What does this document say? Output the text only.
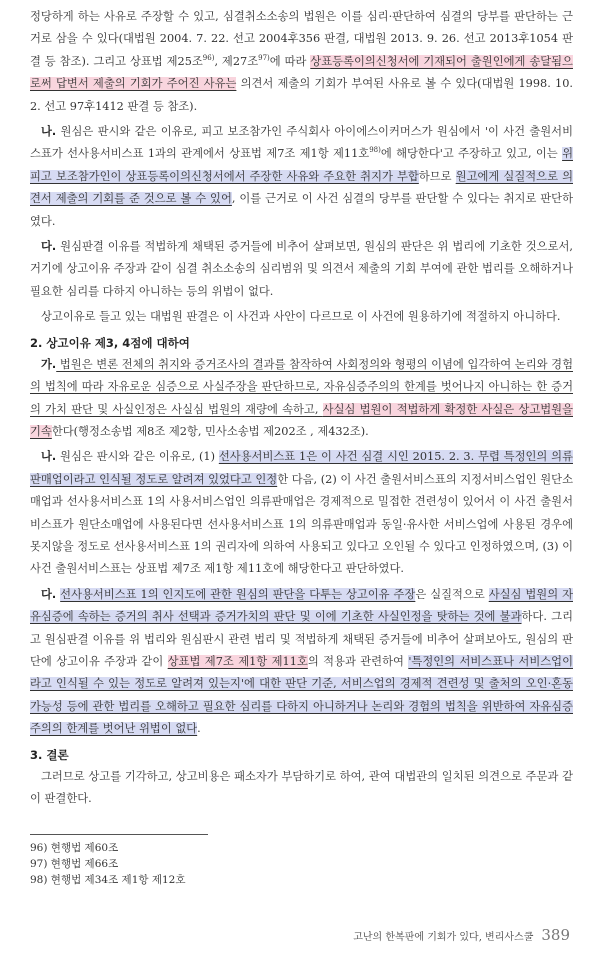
정당하게 하는 사유로 주장할 수 있고, 심결취소소송의 법원은 이를 심리·판단하여 심결의 당부를 판단하는 근거로 삼을 수 있다(대법원 2004. 7. 22. 선고 2004후356 판결, 대법원 2013. 9. 26. 선고 2013후1054 판결 등 참조). 그리고 상표법 제25조$^{96)}$, 제27조$^{97)}$에 따라 상표등록이의신청서에 기재되어 출원인에게 송달됨으로써 답변서 제출의 기회가 주어진 사유는 의견서 제출의 기회가 부여된 사유로 볼 수 있다(대법원 1998. 10. 2. 선고 97후1412 판결 등 참조).

나. 원심은 판시와 같은 이유로, 피고 보조참가인 주식회사 아이에스이커머스가 원심에서 '이 사건 출원서비스표가 선사용서비스표 1과의 관계에서 상표법 제7조 제1항 제11호$^{98)}$에 해당한다'고 주장하고 있고, 이는 위 피고 보조참가인이 상표등록이의신청서에서 주장한 사유와 주요한 취지가 부합하므로 원고에게 실질적으로 의견서 제출의 기회를 준 것으로 볼 수 있어, 이를 근거로 이 사건 심결의 당부를 판단할 수 있다는 취지로 판단하였다.

다. 원심판결 이유를 적법하게 채택된 증거들에 비추어 살펴보면, 원심의 판단은 위 법리에 기초한 것으로서, 거기에 상고이유 주장과 같이 심결 취소소송의 심리범위 및 의견서 제출의 기회 부여에 관한 법리를 오해하거나 필요한 심리를 다하지 아니하는 등의 위법이 없다.

상고이유로 들고 있는 대법원 판결은 이 사건과 사안이 다르므로 이 사건에 원용하기에 적절하지 아니하다.

2. 상고이유 제3, 4점에 대하여

가. 법원은 변론 전체의 취지와 증거조사의 결과를 참작하여 사회정의와 형평의 이념에 입각하여 논리와 경험의 법칙에 따라 자유로운 심증으로 사실주장을 판단하므로, 자유심증주의의 한계를 벗어나지 아니하는 한 증거의 가치 판단 및 사실인정은 사실심 법원의 재량에 속하고, 사실심 법원이 적법하게 확정한 사실은 상고법원을 기속한다(행정소송법 제8조 제2항, 민사소송법 제202조 , 제432조).

나. 원심은 판시와 같은 이유로, (1) 선사용서비스표 1은 이 사건 심결 시인 2015. 2. 3. 무렵 특정인의 의류판매업이라고 인식될 정도로 알려져 있었다고 인정한 다음, (2) 이 사건 출원서비스표의 지정서비스업인 원단소매업과 선사용서비스표 1의 사용서비스업인 의류판매업은 경제적으로 밀접한 견련성이 있어서 이 사건 출원서비스표가 원단소매업에 사용된다면 선사용서비스표 1의 의류판매업과 동일·유사한 서비스업에 사용된 경우에 못지않을 정도로 선사용서비스표 1의 권리자에 의하여 사용되고 있다고 오인될 수 있다고 인정하였으며, (3) 이 사건 출원서비스표는 상표법 제7조 제1항 제11호에 해당한다고 판단하였다.

다. 선사용서비스표 1의 인지도에 관한 원심의 판단을 다투는 상고이유 주장은 실질적으로 사실심 법원의 자유심증에 속하는 증거의 취사 선택과 증거가치의 판단 및 이에 기초한 사실인정을 탓하는 것에 불과하다. 그리고 원심판결 이유를 위 법리와 원심판시 관련 법리 및 적법하게 채택된 증거들에 비추어 살펴보아도, 원심의 판단에 상고이유 주장과 같이 상표법 제7조 제1항 제11호의 적용과 관련하여 '특정인의 서비스표나 서비스업이라고 인식될 수 있는 정도로 알려져 있는지'에 대한 판단 기준, 서비스업의 경제적 견련성 및 출처의 오인·혼동 가능성 등에 관한 법리를 오해하고 필요한 심리를 다하지 아니하거나 논리와 경험의 법칙을 위반하여 자유심증주의의 한계를 벗어난 위법이 없다.

3. 결론

그러므로 상고를 기각하고, 상고비용은 패소자가 부담하기로 하여, 관여 대법관의 일치된 의견으로 주문과 같이 판결한다.

96) 현행법 제60조
97) 현행법 제66조
98) 현행법 제34조 제1항 제12호
고난의 한복판에 기회가 있다, 변리사스쿨 389
